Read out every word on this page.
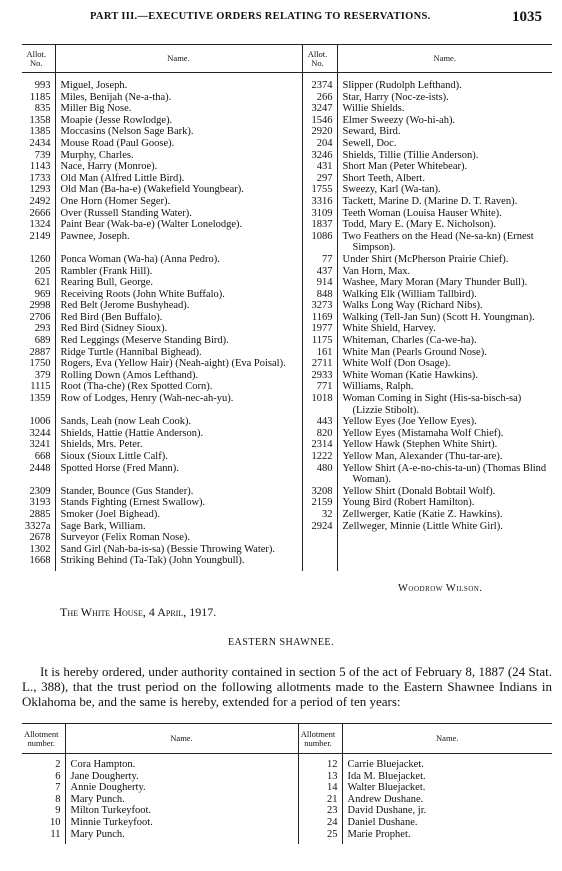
PART III.—EXECUTIVE ORDERS RELATING TO RESERVATIONS.	1035
Allot. No.	Name.	Allot. No.	Name.
993	Miguel, Joseph.	2374	Slipper (Rudolph Lefthand).

1185	Miles, Benijah (Ne-a-tha).	266	Star, Harry (Noc-ze-ists).

835	Miller Big Nose.	3247	Willie Shields.

1358	Moapie (Jesse Rowlodge).	1546	Elmer Sweezy (Wo-hi-ah).

1385	Moccasins (Nelson Sage Bark).	2920	Seward, Bird.

2434	Mouse Road (Paul Goose).	204	Sewell, Doc.

739	Murphy, Charles.	3246	Shields, Tillie (Tillie Anderson).

1143	Nace, Harry (Monroe).	431	Short Man (Peter Whitebear).

1733	Old Man (Alfred Little Bird).	297	Short Teeth, Albert.

1293	Old Man (Ba-ha-e) (Wakefield Youngbear).	1755	Sweezy, Karl (Wa-tan).

2492	One Horn (Homer Seger).	3316	Tackett, Marine D. (Marine D. T. Raven).

2666	Over (Russell Standing Water).	3109	Teeth Woman (Louisa Hauser White).

1324	Paint Bear (Wak-ba-e) (Walter Lonelodge).	1837	Todd, Mary E. (Mary E. Nicholson).

2149	Pawnee, Joseph.	1086	Two Feathers on the Head (Ne-sa-kn) (Ernest Simpson).

1260	Ponca Woman (Wa-ha) (Anna Pedro).	77	Under Shirt (McPherson Prairie Chief).

205	Rambler (Frank Hill).	437	Van Horn, Max.

621	Rearing Bull, George.	914	Washee, Mary Moran (Mary Thunder Bull).

969	Receiving Roots (John White Buffalo).	848	Walking Elk (William Tallbird).

2998	Red Belt (Jerome Bushyhead).	3273	Walks Long Way (Richard Nibs).

2706	Red Bird (Ben Buffalo).	1169	Walking (Tell-Jan Sun) (Scott H. Youngman).

293	Red Bird (Sidney Sioux).	1977	White Shield, Harvey.

689	Red Leggings (Meserve Standing Bird).	1175	Whiteman, Charles (Ca-we-ha).

2887	Ridge Turtle (Hannibal Bighead).	161	White Man (Pearls Ground Nose).

1750	Rogers, Eva (Yellow Hair) (Neah-aight) (Eva Poisal).	2711	White Wolf (Don Osage).

379	Rolling Down (Amos Lefthand).	2933	White Woman (Katie Hawkins).

1115	Root (Tha-che) (Rex Spotted Corn).	771	Williams, Ralph.

1359	Row of Lodges, Henry (Wah-nec-ah-yu).	1018	Woman Coming in Sight (His-sa-bisch-sa) (Lizzie Stibolt).

1006	Sands, Leah (now Leah Cook).	443	Yellow Eyes (Joe Yellow Eyes).

3244	Shields, Hattie (Hattie Anderson).	820	Yellow Eyes (Mistamaha Wolf Chief).

3241	Shields, Mrs. Peter.	2314	Yellow Hawk (Stephen White Shirt).

668	Sioux (Sioux Little Calf).	1222	Yellow Man, Alexander (Thu-tar-are).

2448	Spotted Horse (Fred Mann).	480	Yellow Shirt (A-e-no-chis-ta-un) (Thomas Blind Woman).

2309	Stander, Bounce (Gus Stander).	3208	Yellow Shirt (Donald Bobtail Wolf).

3193	Stands Fighting (Ernest Swallow).	2159	Young Bird (Robert Hamilton).

2885	Smoker (Joel Bighead).	32	Zellwerger, Katie (Katie Z. Hawkins).

3327a	Sage Bark, William.	2924	Zellweger, Minnie (Little White Girl).

2678	Surveyor (Felix Roman Nose).		

1302	Sand Girl (Nah-ba-is-sa) (Bessie Throwing Water).		

1668	Striking Behind (Ta-Tak) (John Youngbull).		

The White House, 4 April, 1917.
Woodrow Wilson.
EASTERN SHAWNEE.

It is hereby ordered, under authority contained in section 5 of the act of February 8, 1887 (24 Stat. L., 388), that the trust period on the following allotments made to the Eastern Shawnee Indians in Oklahoma be, and the same is hereby, extended for a period of ten years:

Allotment number.	Name.	Allotment number.	Name.
2	Cora Hampton.	12	Carrie Bluejacket.

6	Jane Dougherty.	13	Ida M. Bluejacket.

7	Annie Dougherty.	14	Walter Bluejacket.

8	Mary Punch.	21	Andrew Dushane.

9	Milton Turkeyfoot.	23	David Dushane, jr.

10	Minnie Turkeyfoot.	24	Daniel Dushane.

11	Mary Punch.	25	Marie Prophet.
